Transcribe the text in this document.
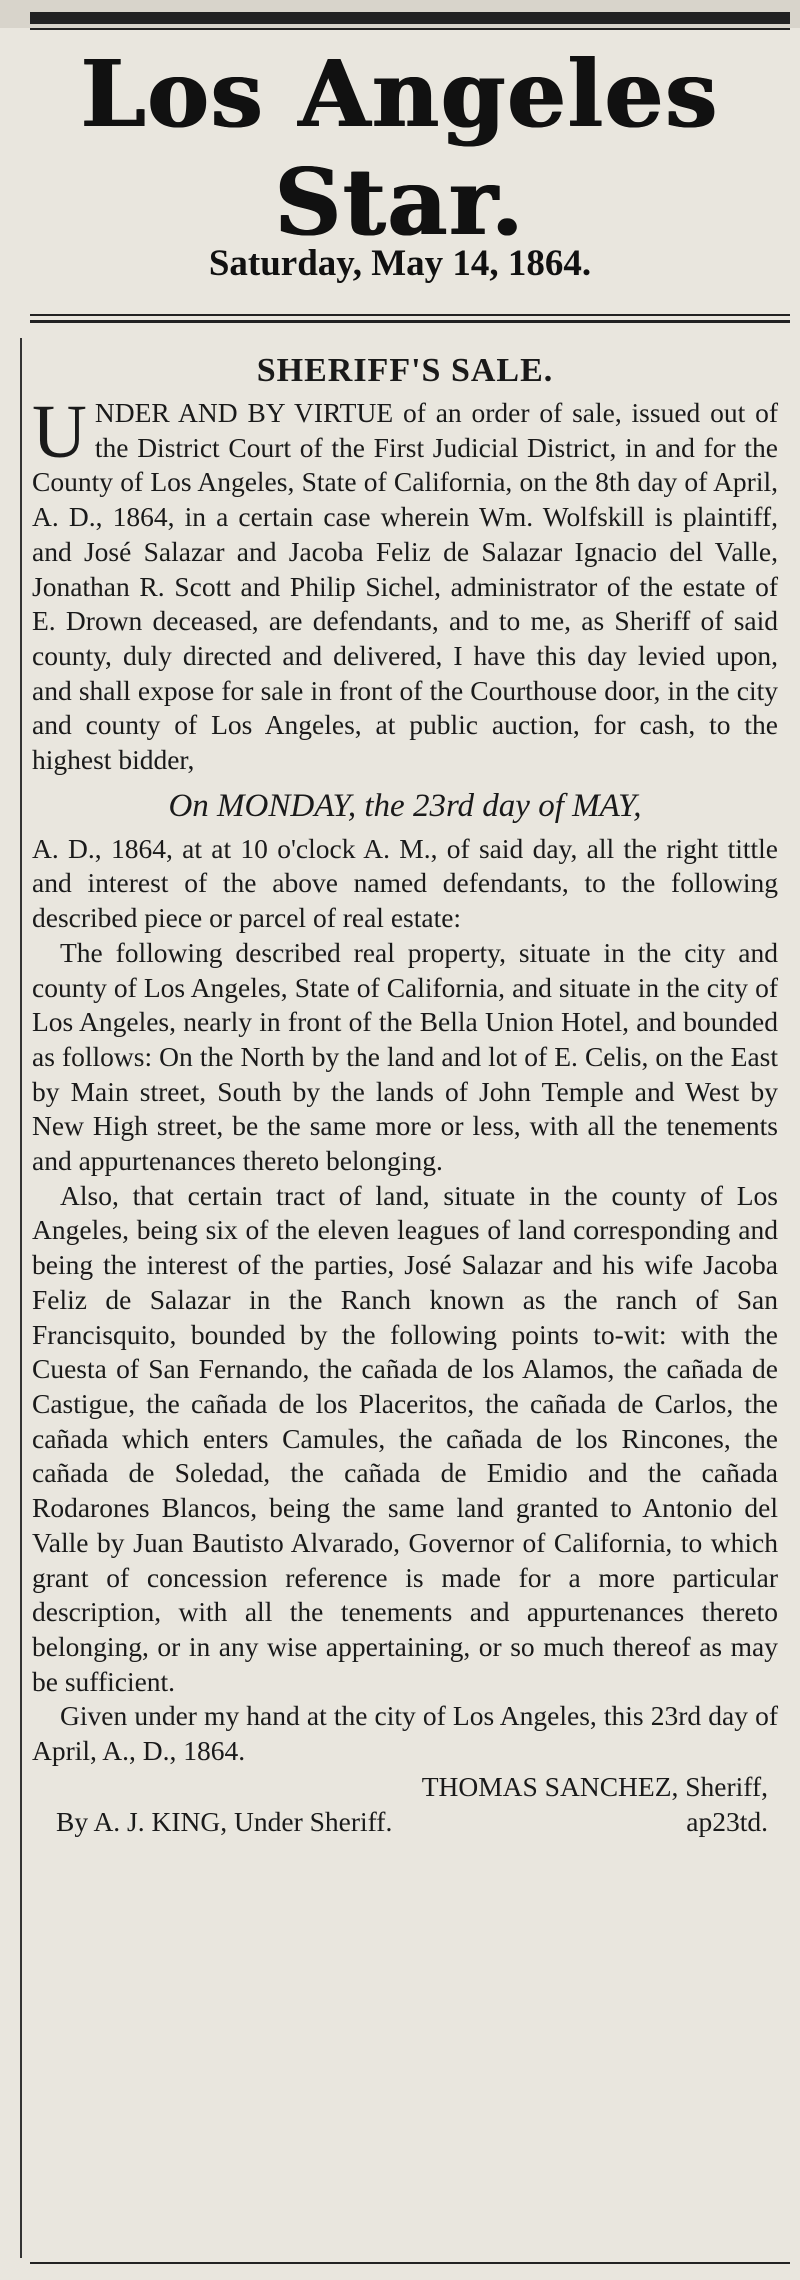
Los Angeles Star.
Saturday, May 14, 1864.
SHERIFF'S SALE.

UNDER AND BY VIRTUE of an order of sale, issued out of the District Court of the First Judicial District, in and for the County of Los Angeles, State of California, on the 8th day of April, A. D., 1864, in a certain case wherein Wm. Wolfskill is plaintiff, and José Salazar and Jacoba Feliz de Salazar Ignacio del Valle, Jonathan R. Scott and Philip Sichel, administrator of the estate of E. Drown deceased, are defendants, and to me, as Sheriff of said county, duly directed and delivered, I have this day levied upon, and shall expose for sale in front of the Courthouse door, in the city and county of Los Angeles, at public auction, for cash, to the highest bidder,

On MONDAY, the 23rd day of MAY,

A. D., 1864, at at 10 o'clock A. M., of said day, all the right tittle and interest of the above named defendants, to the following described piece or parcel of real estate:

The following described real property, situate in the city and county of Los Angeles, State of California, and situate in the city of Los Angeles, nearly in front of the Bella Union Hotel, and bounded as follows: On the North by the land and lot of E. Celis, on the East by Main street, South by the lands of John Temple and West by New High street, be the same more or less, with all the tenements and appurtenances thereto belonging.

Also, that certain tract of land, situate in the county of Los Angeles, being six of the eleven leagues of land corresponding and being the interest of the parties, José Salazar and his wife Jacoba Feliz de Salazar in the Ranch known as the ranch of San Francisquito, bounded by the following points to-wit: with the Cuesta of San Fernando, the cañada de los Alamos, the cañada de Castigue, the cañada de los Placeritos, the cañada de Carlos, the cañada which enters Camules, the cañada de los Rincones, the cañada de Soledad, the cañada de Emidio and the cañada Rodarones Blancos, being the same land granted to Antonio del Valle by Juan Bautisto Alvarado, Governor of California, to which grant of concession reference is made for a more particular description, with all the tenements and appurtenances thereto belonging, or in any wise appertaining, or so much thereof as may be sufficient.

Given under my hand at the city of Los Angeles, this 23rd day of April, A., D., 1864.

THOMAS SANCHEZ, Sheriff,
By A. J. KING, Under Sheriff.	ap23td.
